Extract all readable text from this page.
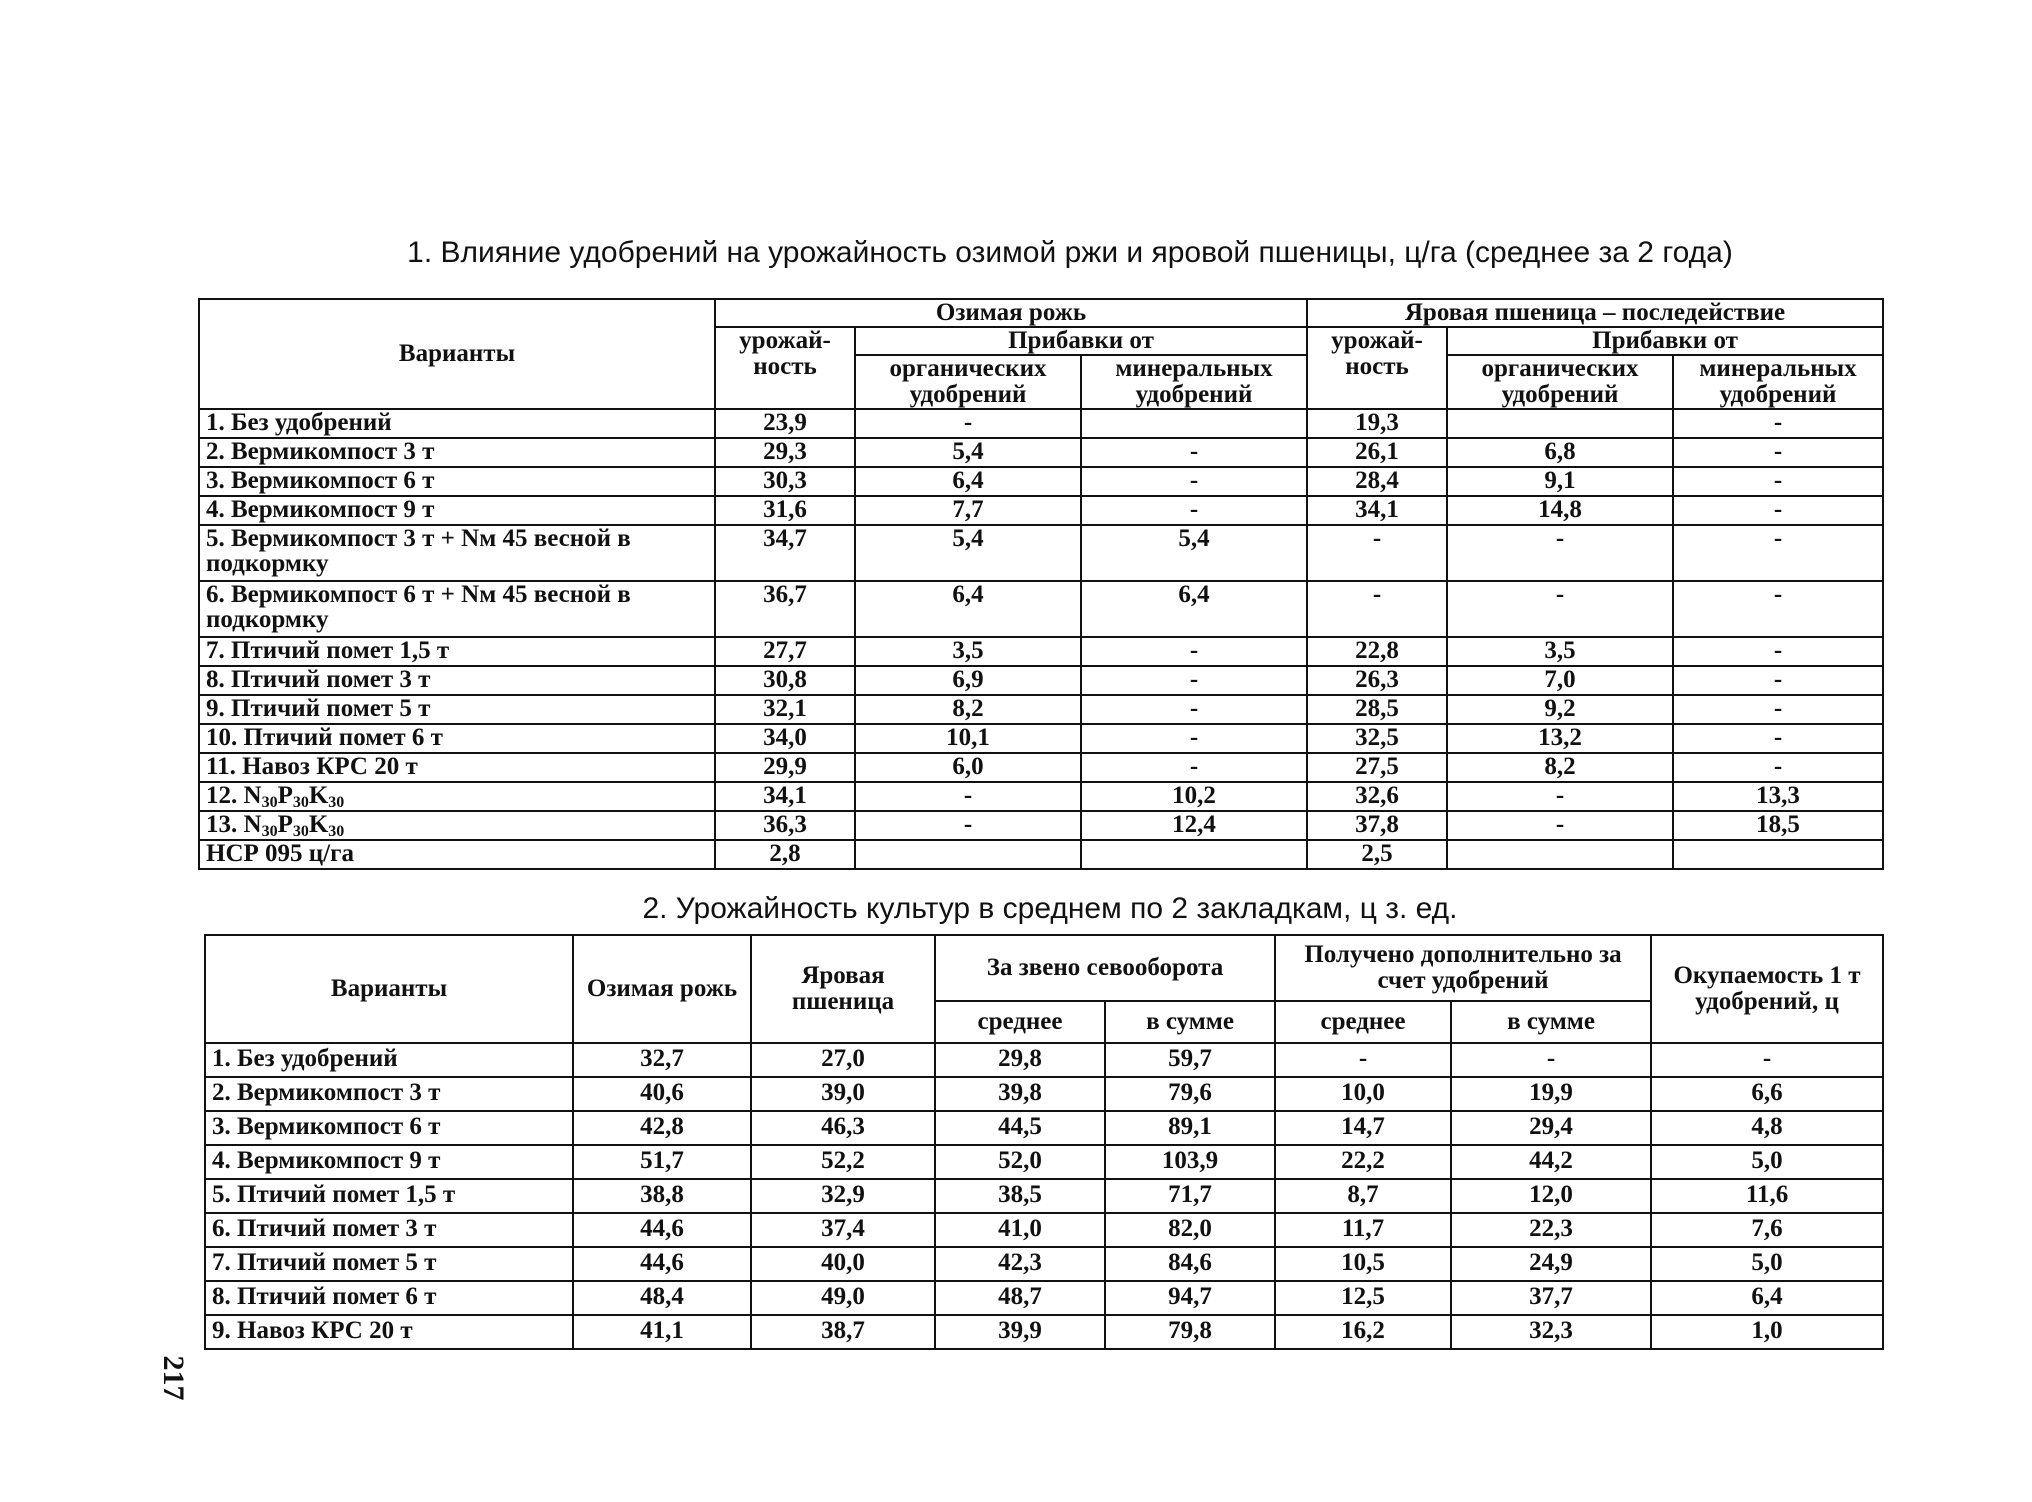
1. Влияние удобрений на урожайность озимой ржи и яровой пшеницы, ц/га (среднее за 2 года)
Варианты	Озимая рожь			Яровая пшеница – последействие		
	урожай-ность	Прибавки от		урожай-ность	Прибавки от	
		органических удобрений	минеральных удобрений		органических удобрений	минеральных удобрений
1. Без удобрений	23,9	-		19,3		-
2. Вермикомпост 3 т	29,3	5,4	-	26,1	6,8	-
3. Вермикомпост 6 т	30,3	6,4	-	28,4	9,1	-
4. Вермикомпост 9 т	31,6	7,7	-	34,1	14,8	-
5. Вермикомпост 3 т + Nм 45 весной в подкормку	34,7	5,4	5,4	-	-	-
6. Вермикомпост 6 т + Nм 45 весной в подкормку	36,7	6,4	6,4	-	-	-
7. Птичий помет 1,5 т	27,7	3,5	-	22,8	3,5	-
8. Птичий помет 3 т	30,8	6,9	-	26,3	7,0	-
9. Птичий помет 5 т	32,1	8,2	-	28,5	9,2	-
10. Птичий помет 6 т	34,0	10,1	-	32,5	13,2	-
11. Навоз КРС 20 т	29,9	6,0	-	27,5	8,2	-
12. $N_{30}P_{30}K_{30}$	34,1	-	10,2	32,6	-	13,3
13. $N_{30}P_{30}K_{30}$	36,3	-	12,4	37,8	-	18,5
НСР 095 ц/га	2,8			2,5		
2. Урожайность культур в среднем по 2 закладкам, ц з. ед.
Варианты	Озимая рожь	Яровая пшеница	За звено севооборота		Получено дополнительно за счет удобрений		Окупаемость 1 т удобрений, ц
			среднее	в сумме	среднее	в сумме	
1. Без удобрений	32,7	27,0	29,8	59,7	-	-	-
2. Вермикомпост 3 т	40,6	39,0	39,8	79,6	10,0	19,9	6,6
3. Вермикомпост 6 т	42,8	46,3	44,5	89,1	14,7	29,4	4,8
4. Вермикомпост 9 т	51,7	52,2	52,0	103,9	22,2	44,2	5,0
5. Птичий помет 1,5 т	38,8	32,9	38,5	71,7	8,7	12,0	11,6
6. Птичий помет 3 т	44,6	37,4	41,0	82,0	11,7	22,3	7,6
7. Птичий помет 5 т	44,6	40,0	42,3	84,6	10,5	24,9	5,0
8. Птичий помет 6 т	48,4	49,0	48,7	94,7	12,5	37,7	6,4
9. Навоз КРС 20 т	41,1	38,7	39,9	79,8	16,2	32,3	1,0
217
